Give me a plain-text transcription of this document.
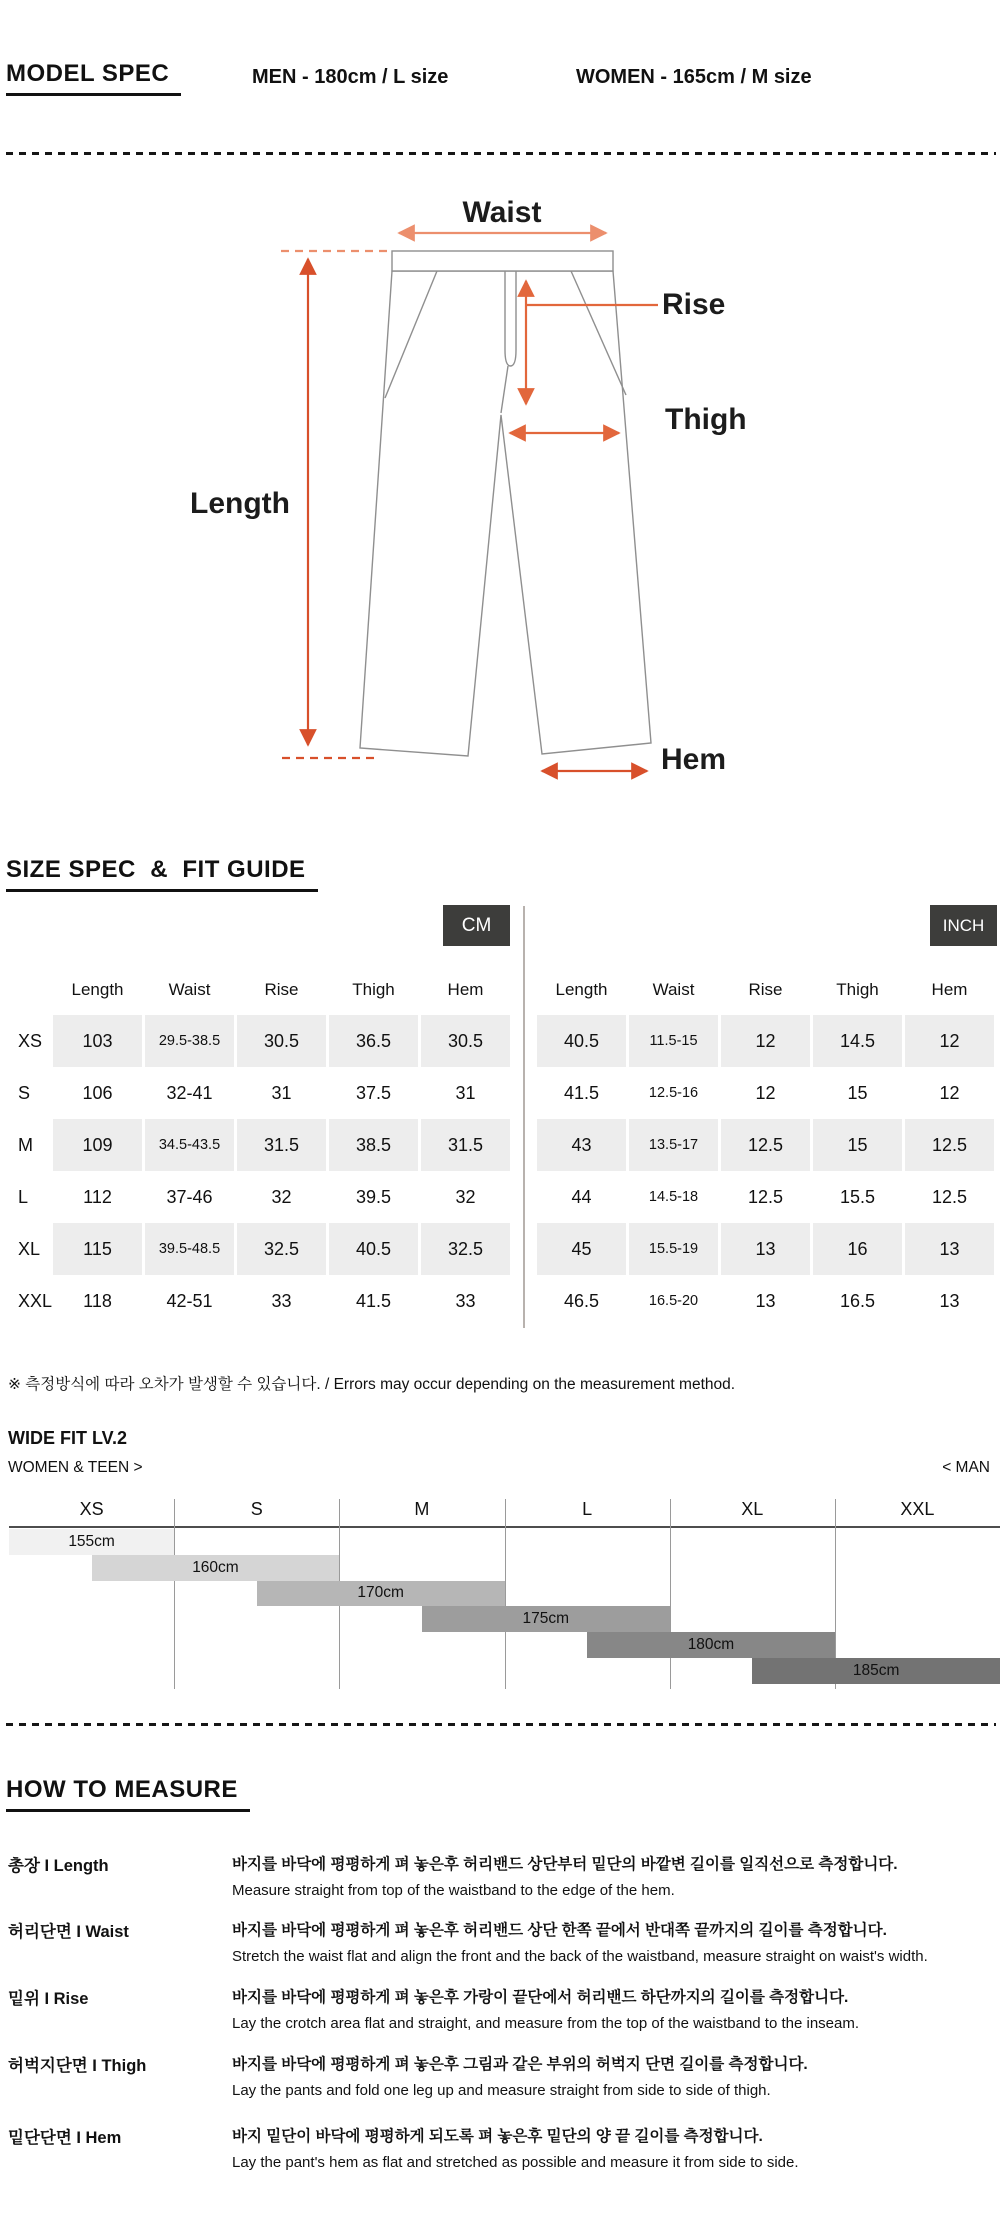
MODEL SPEC	MEN - 180cm / L size	WOMEN - 165cm / M size
Waist
Rise
Thigh
Length
Hem
SIZE SPEC  &  FIT GUIDE
CM	INCH
Length	Waist	Rise	Thigh	Hem
XS	103	29.5-38.5	30.5	36.5	30.5
S	106	32-41	31	37.5	31
M	109	34.5-43.5	31.5	38.5	31.5
L	112	37-46	32	39.5	32
XL	115	39.5-48.5	32.5	40.5	32.5
XXL	118	42-51	33	41.5	33
Length	Waist	Rise	Thigh	Hem
40.5	11.5-15	12	14.5	12
41.5	12.5-16	12	15	12
43	13.5-17	12.5	15	12.5
44	14.5-18	12.5	15.5	12.5
45	15.5-19	13	16	13
46.5	16.5-20	13	16.5	13
※ 측정방식에 따라 오차가 발생할 수 있습니다. / Errors may occur depending on the measurement method.
WIDE FIT LV.2
WOMEN & TEEN >	< MAN
XS	S	M	L	XL	XXL
155cm
160cm
170cm
175cm
180cm
185cm
HOW TO MEASURE
총장 I Length	바지를 바닥에 평평하게 펴 놓은후 허리밴드 상단부터 밑단의 바깥변 길이를 일직선으로 측정합니다.
Measure straight from top of the waistband to the edge of the hem.
허리단면 I Waist	바지를 바닥에 평평하게 펴 놓은후 허리밴드 상단 한쪽 끝에서 반대쪽 끝까지의 길이를 측정합니다.
Stretch the waist flat and align the front and the back of the waistband, measure straight on waist's width.
밑위 I Rise	바지를 바닥에 평평하게 펴 놓은후 가랑이 끝단에서 허리밴드 하단까지의 길이를 측정합니다.
Lay the crotch area flat and straight, and measure from the top of the waistband to the inseam.
허벅지단면 I Thigh	바지를 바닥에 평평하게 펴 놓은후 그림과 같은 부위의 허벅지 단면 길이를 측정합니다.
Lay the pants and fold one leg up and measure straight from side to side of thigh.
밑단단면 I Hem	바지 밑단이 바닥에 평평하게 되도록 펴 놓은후 밑단의 양 끝 길이를 측정합니다.
Lay the pant's hem as flat and stretched as possible and measure it from side to side.
